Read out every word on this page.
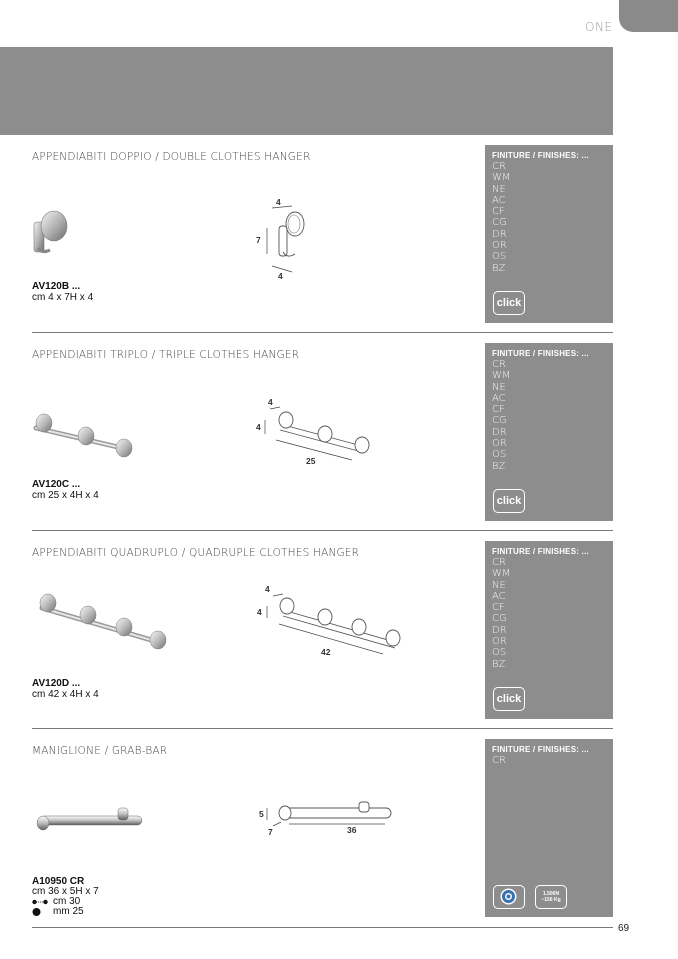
ONE
APPENDIABITI DOPPIO / DOUBLE CLOTHES HANGER
AV120B ...
cm 4 x 7H x 4
4
7
4
FINITURE / FINISHES: ...
CR
WM
NE
AC
CF
CG
DR
OR
OS
BZ
click
APPENDIABITI TRIPLO / TRIPLE CLOTHES HANGER
AV120C ...
cm 25 x 4H x 4
4
4
25
FINITURE / FINISHES: ...
CR
WM
NE
AC
CF
CG
DR
OR
OS
BZ
click
APPENDIABITI QUADRUPLO / QUADRUPLE CLOTHES HANGER
AV120D ...
cm 42 x 4H x 4
4
4
42
FINITURE / FINISHES: ...
CR
WM
NE
AC
CF
CG
DR
OR
OS
BZ
click
MANIGLIONE / GRAB-BAR
A10950 CR
cm 36 x 5H x 7
cm 30
mm 25
5
7	36
FINITURE / FINISHES: ...
CR
1.500N
~150 Kg
69
